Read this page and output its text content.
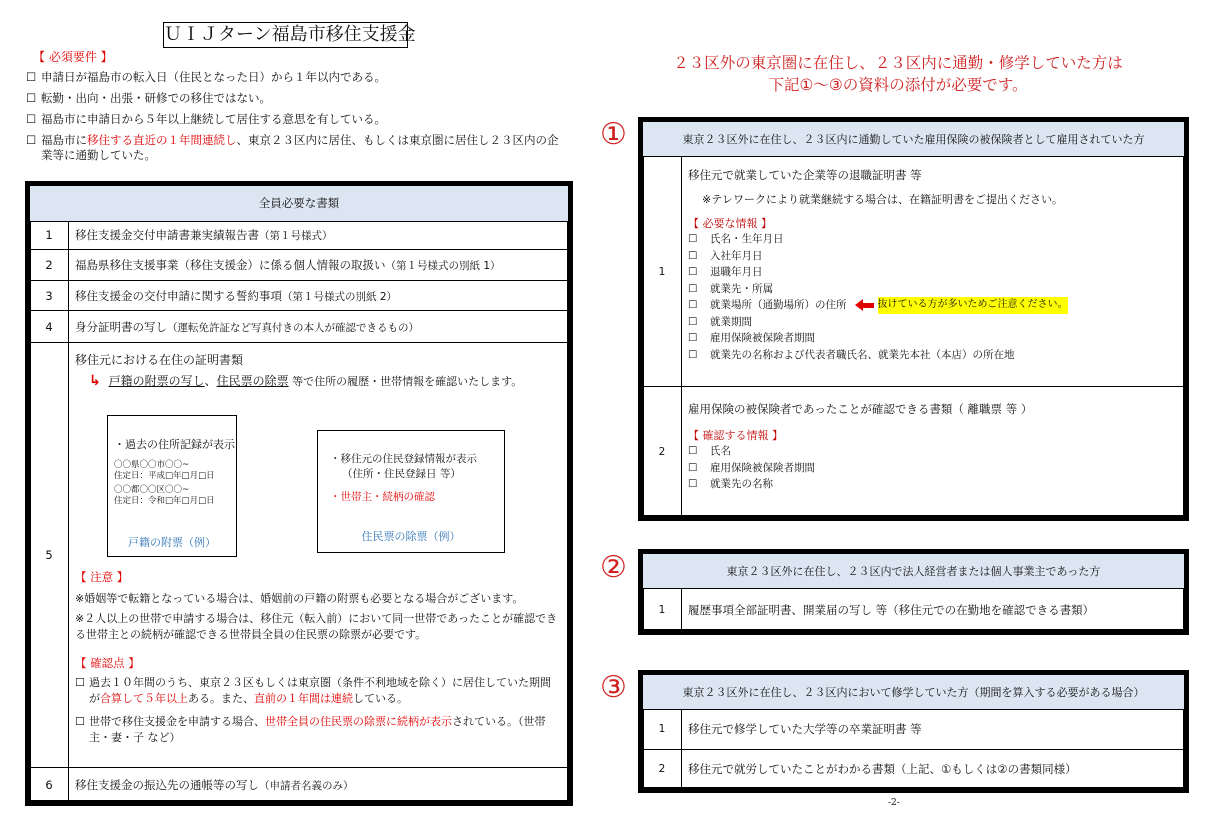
ＵＩＪターン福島市移住支援金
【 必須要件 】
☐ 申請日が福島市の転入日（住民となった日）から１年以内である。
☐ 転勤・出向・出張・研修での移住ではない。
☐ 福島市に申請日から５年以上継続して居住する意思を有している。
☐ 福島市に移住する直近の１年間連続し、東京２３区内に居住、もしくは東京圏に居住し２３区内の企業等に通勤していた。
全員必要な書類	
1	移住支援金交付申請書兼実績報告書（第１号様式）
2	福島県移住支援事業（移住支援金）に係る個人情報の取扱い（第１号様式の別紙 1）
3	移住支援金の交付申請に関する誓約事項（第１号様式の別紙 2）
4	身分証明書の写し（運転免許証など写真付きの本人が確認できるもの）
5	
移住元における在住の証明書類
↳ 戸籍の附票の写し、住民票の除票 等で住所の履歴・世帯情報を確認いたします。
・過去の住所記録が表示
〇〇県〇〇市〇〇~
住定日：平成□年□月□日
〇〇都〇〇区〇〇~
住定日：令和□年□月□日
戸籍の附票（例）
・移住元の住民登録情報が表示
（住所・住民登録日 等）
・世帯主・続柄の確認
住民票の除票（例）
【 注意 】
※婚姻等で転籍となっている場合は、婚姻前の戸籍の附票も必要となる場合がございます。
※２人以上の世帯で申請する場合は、移住元（転入前）において同一世帯であったことが確認できる世帯主との続柄が確認できる世帯員全員の住民票の除票が必要です。
【 確認点 】
☐ 過去１０年間のうち、東京２３区もしくは東京圏（条件不利地域を除く）に居住していた期間が合算して５年以上ある。また、直前の１年間は連続している。
☐ 世帯で移住支援金を申請する場合、世帯全員の住民票の除票に続柄が表示されている。（世帯主・妻・子 など）

6	移住支援金の振込先の通帳等の写し（申請者名義のみ）
２３区外の東京圏に在住し、２３区内に通勤・修学していた方は
下記①～③の資料の添付が必要です。
①	東京２３区外に在住し、２３区内に通勤していた雇用保険の被保険者として雇用されていた方	
1	
移住元で就業していた企業等の退職証明書 等
※テレワークにより就業継続する場合は、在籍証明書をご提出ください。
【 必要な情報 】
☐	氏名・生年月日
☐	入社年月日
☐	退職年月日
☐	就業先・所属
☐	就業場所（通勤場所）の住所	抜けている方が多いためご注意ください。
☐	就業期間
☐	雇用保険被保険者期間
☐	就業先の名称および代表者職氏名、就業先本社（本店）の所在地

2	
雇用保険の被保険者であったことが確認できる書類（ 離職票 等 ）
【 確認する情報 】
☐	氏名
☐	雇用保険被保険者期間
☐	就業先の名称
②	東京２３区外に在住し、２３区内で法人経営者または個人事業主であった方
1	履歴事項全部証明書、開業届の写し 等（移住元での在勤地を確認できる書類）
③	東京２３区外に在住し、２３区内において修学していた方（期間を算入する必要がある場合）	
1	移住元で修学していた大学等の卒業証明書 等
2	移住元で就労していたことがわかる書類（上記、①もしくは②の書類同様）
-2-
